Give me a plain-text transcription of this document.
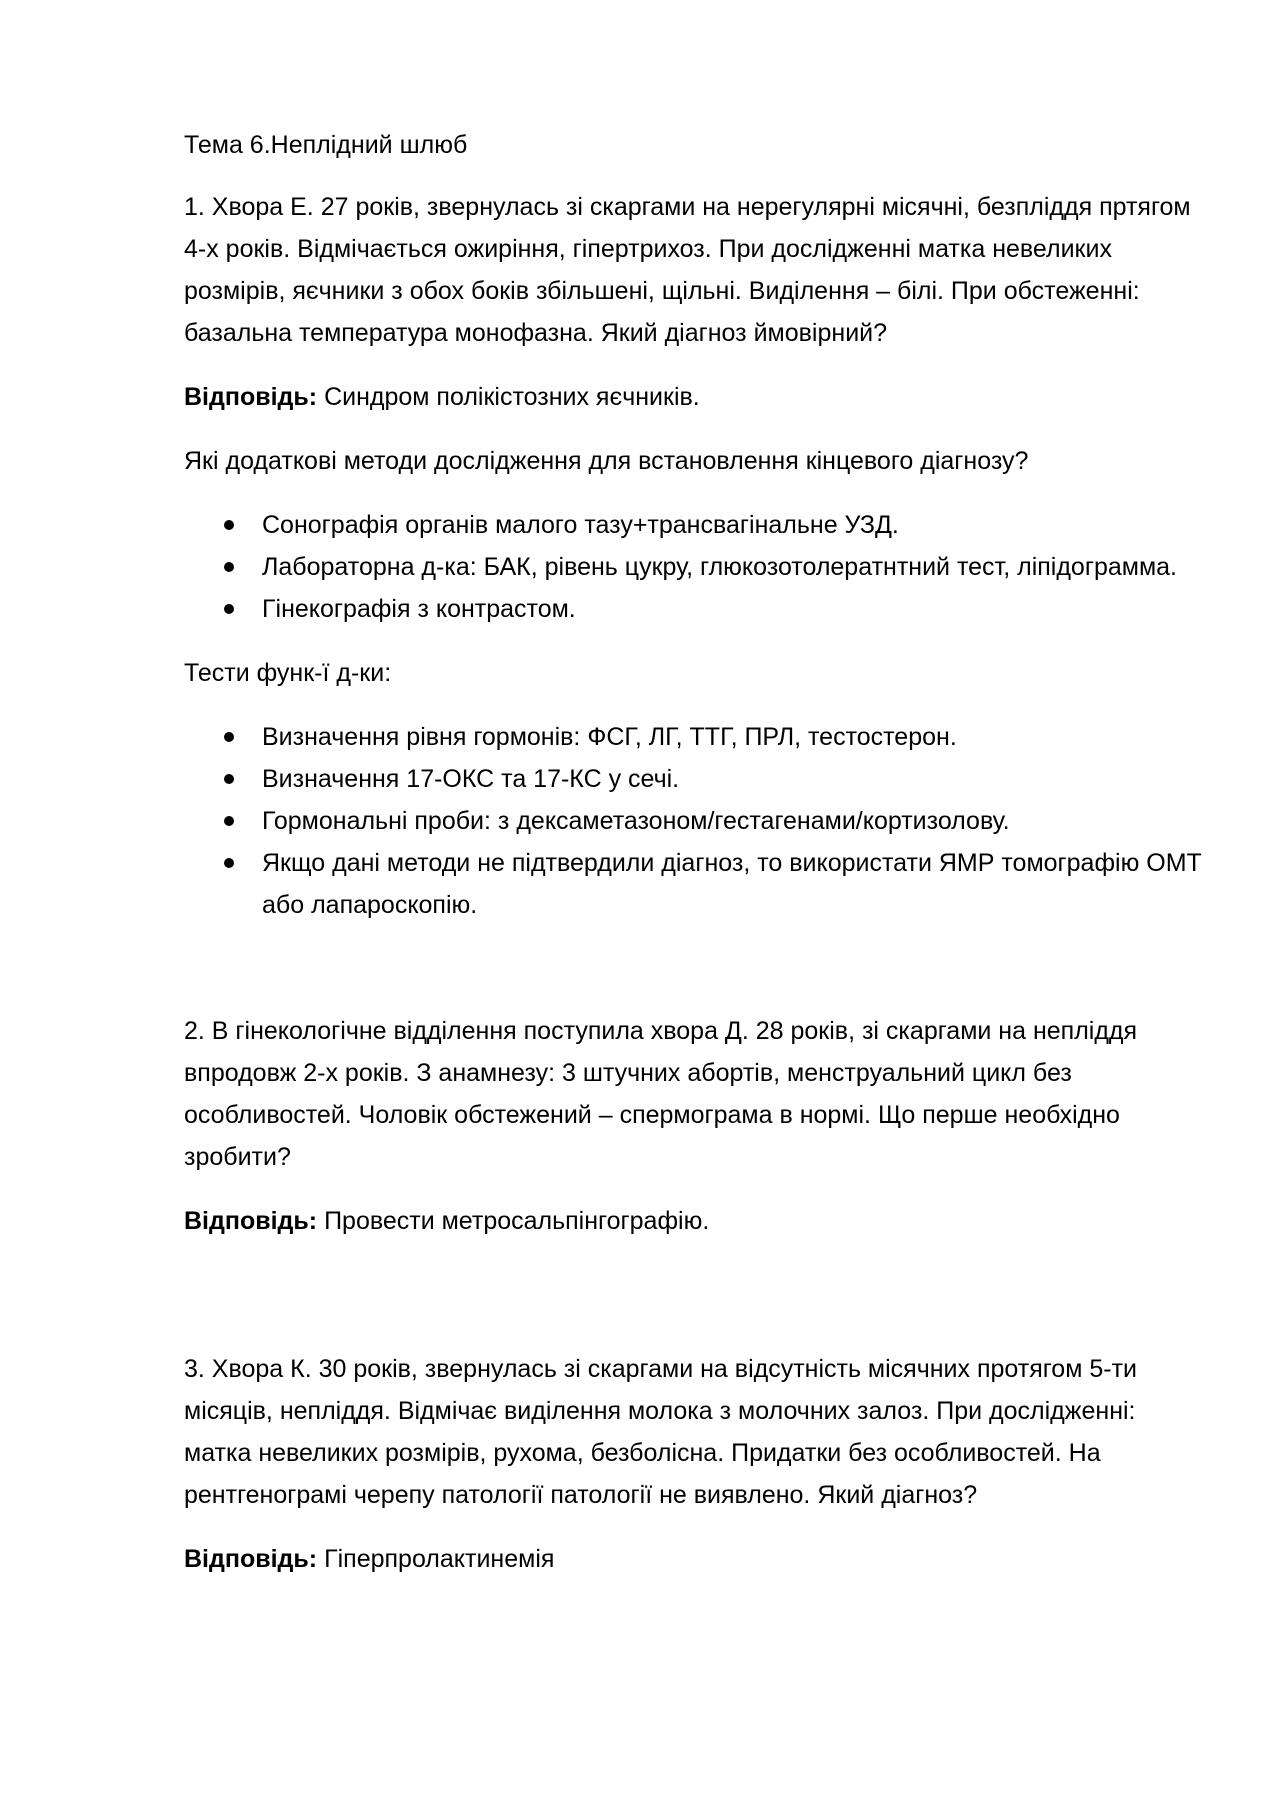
Тема 6.Неплідний шлюб

1. Хвора Е. 27 років, звернулась зі скаргами на нерегулярні місячні, безпліддя пртягом 4-х років. Відмічається ожиріння, гіпертрихоз. При дослідженні матка невеликих розмірів, яєчники з обох боків збільшені, щільні. Виділення – білі. При обстеженні: базальна температура монофазна. Який діагноз ймовірний?

Відповідь: Синдром полікістозних яєчників.

Які додаткові методи дослідження для встановлення кінцевого діагнозу?

Сонографія органів малого тазу+трансвагінальне УЗД.
Лабораторна д-ка: БАК, рівень цукру, глюкозотолератнтний тест, ліпідограмма.
Гінекографія з контрастом.

Тести функ-ї д-ки:

Визначення рівня гормонів: ФСГ, ЛГ, ТТГ, ПРЛ, тестостерон.
Визначення 17-ОКС та 17-КС у сечі.
Гормональні проби: з дексаметазоном/гестагенами/кортизолову.
Якщо дані методи не підтвердили діагноз, то використати ЯМР томографію ОМТ або лапароскопію.

2. В гінекологічне відділення поступила хвора Д. 28 років, зі скаргами на непліддя впродовж 2-х років. З анамнезу: 3 штучних абортів, менструальний цикл без особливостей. Чоловік обстежений – спермограма в нормі. Що перше необхідно зробити?

Відповідь: Провести метросальпінгографію.

3. Хвора К. 30 років, звернулась зі скаргами на відсутність місячних протягом 5-ти місяців, непліддя. Відмічає виділення молока з молочних залоз. При дослідженні: матка невеликих розмірів, рухома, безболісна. Придатки без особливостей. На рентгенограмі черепу патології патології не виявлено. Який діагноз?

Відповідь: Гіперпролактинемія
